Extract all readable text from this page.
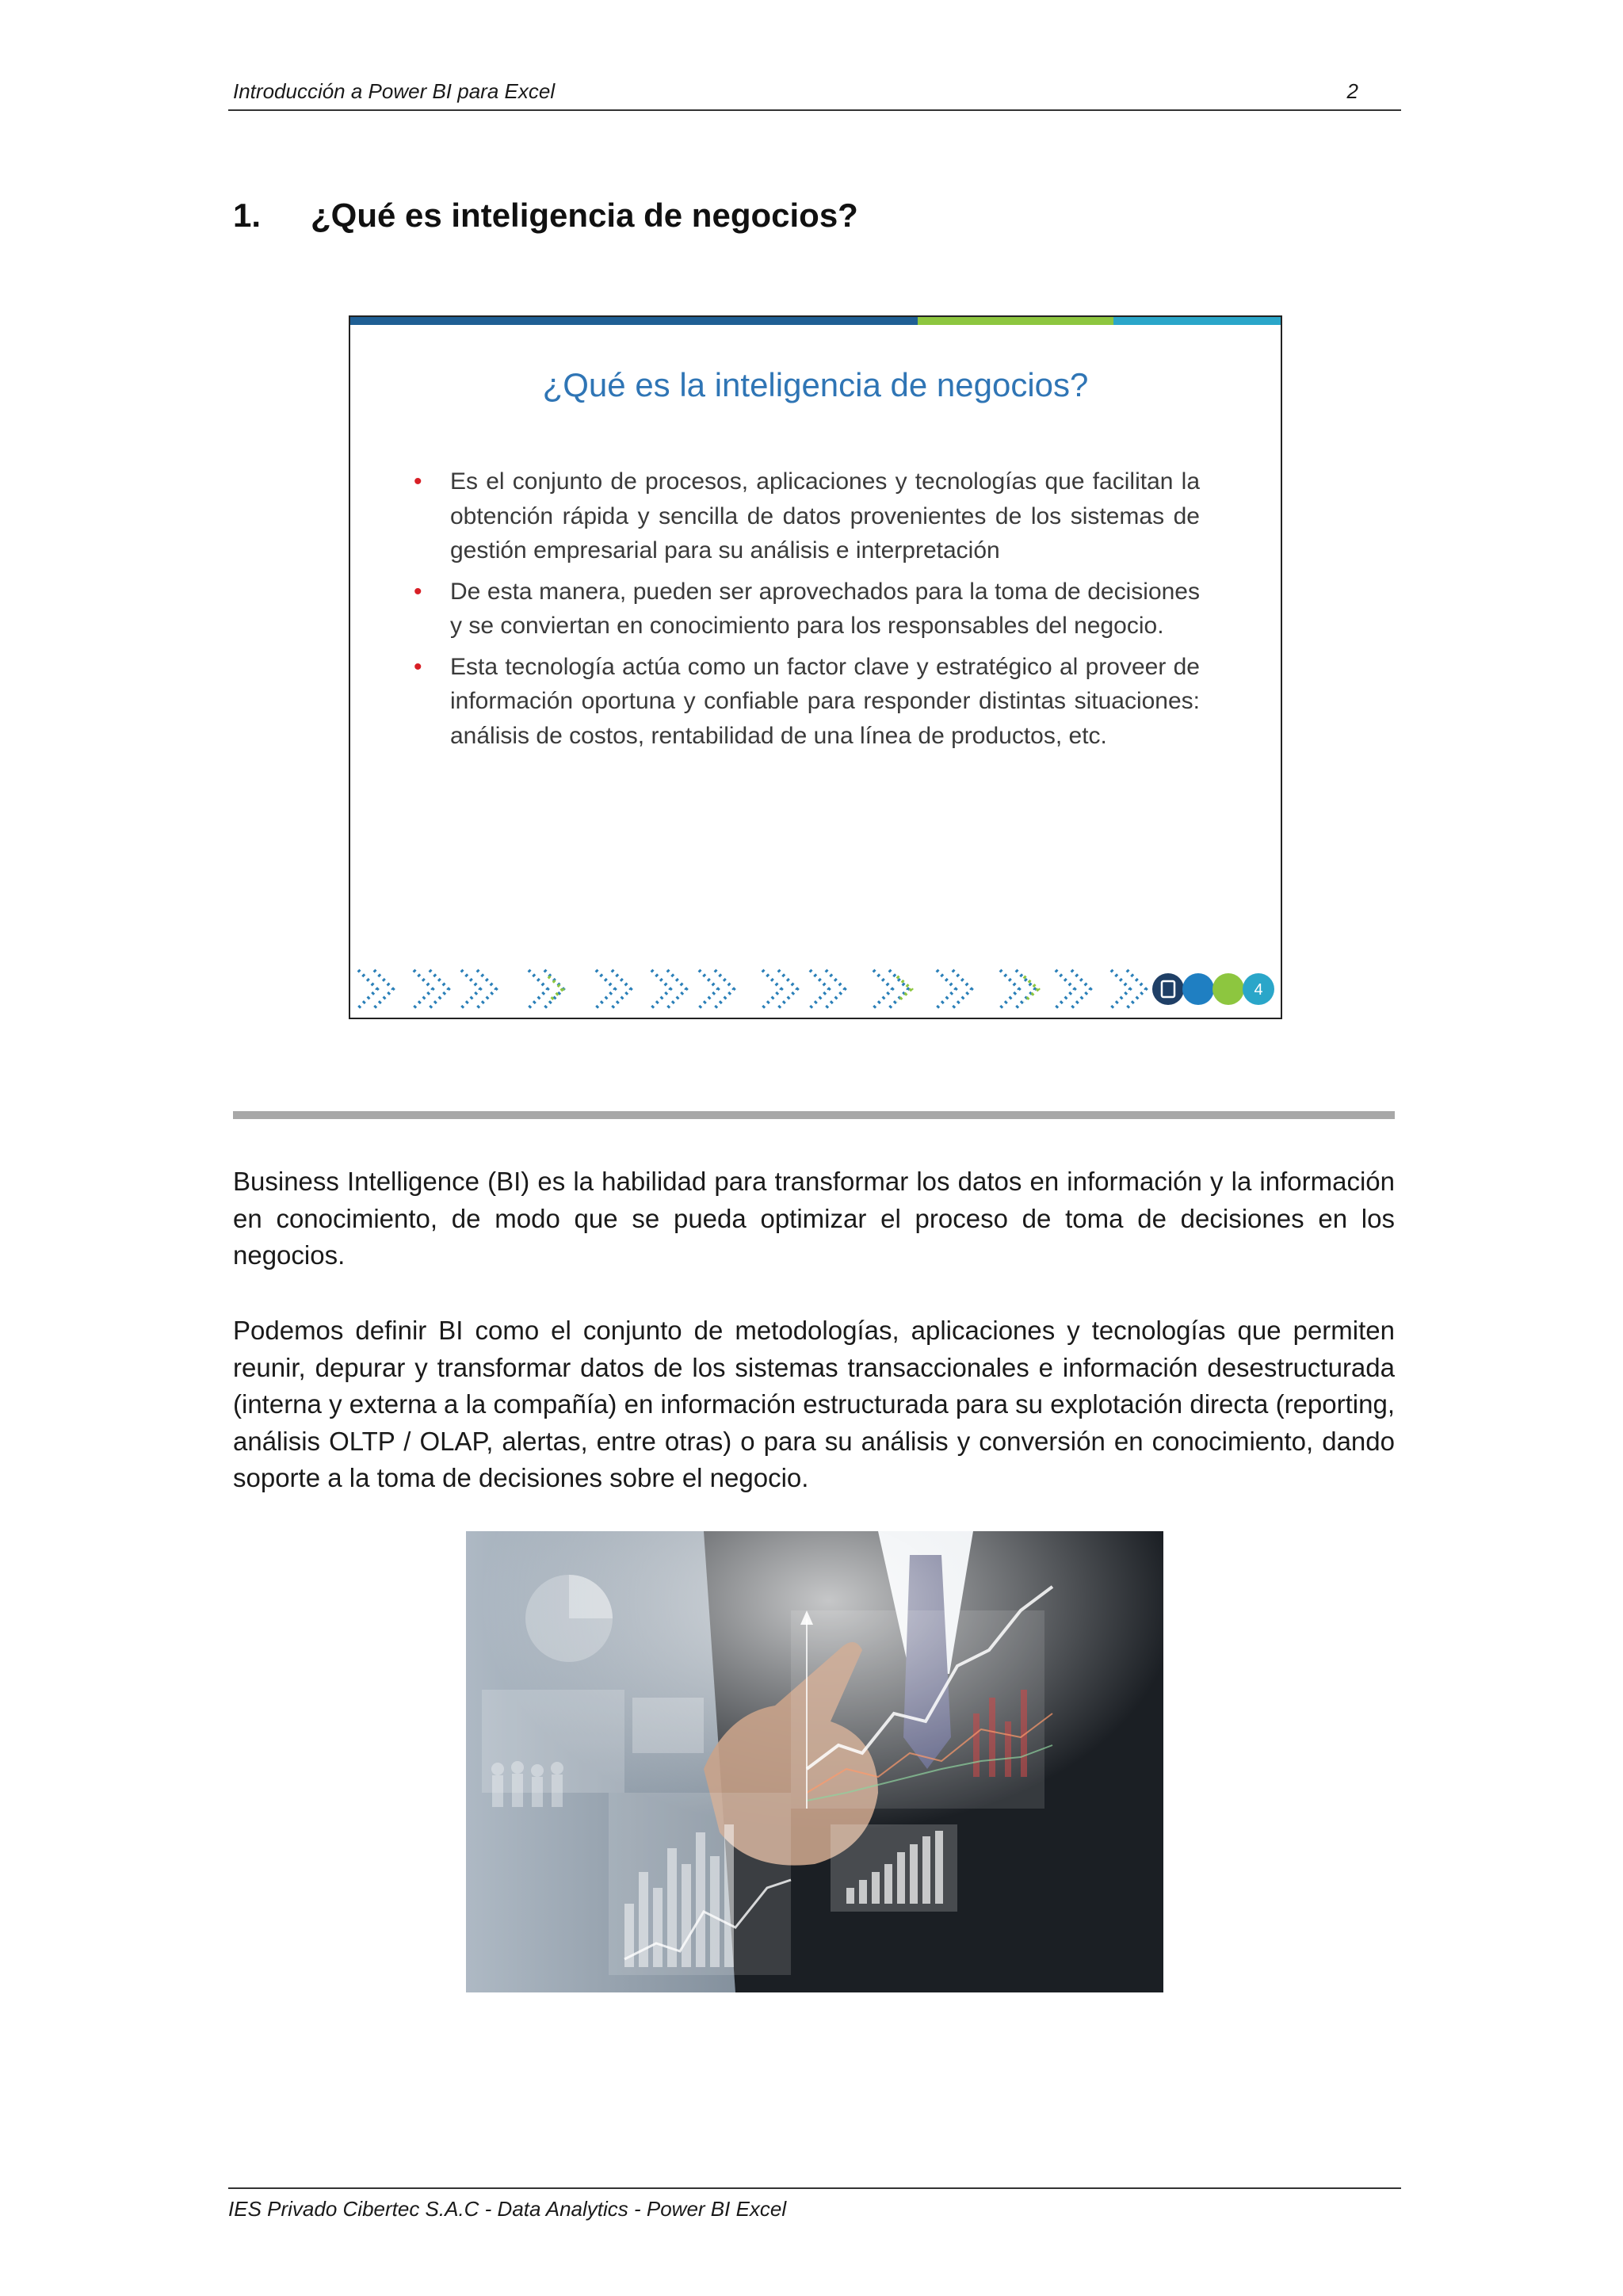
Introducción a Power BI para Excel	2
1. ¿Qué es inteligencia de negocios?
¿Qué es la inteligencia de negocios?
• Es el conjunto de procesos, aplicaciones y tecnologías que facilitan la obtención rápida y sencilla de datos provenientes de los sistemas de gestión empresarial para su análisis e interpretación
• De esta manera, pueden ser aprovechados para la toma de decisiones y se conviertan en conocimiento para los responsables del negocio.
• Esta tecnología actúa como un factor clave y estratégico al proveer de información oportuna y confiable para responder distintas situaciones: análisis de costos, rentabilidad de una línea de productos, etc.
4

Business Intelligence (BI) es la habilidad para transformar los datos en información y la información en conocimiento, de modo que se pueda optimizar el proceso de toma de decisiones en los negocios.

Podemos definir BI como el conjunto de metodologías, aplicaciones y tecnologías que permiten reunir, depurar y transformar datos de los sistemas transaccionales e información desestructurada (interna y externa a la compañía) en información estructurada para su explotación directa (reporting, análisis OLTP / OLAP, alertas, entre otras) o para su análisis y conversión en conocimiento, dando soporte a la toma de decisiones sobre el negocio.

IES Privado Cibertec S.A.C - Data Analytics - Power BI Excel
